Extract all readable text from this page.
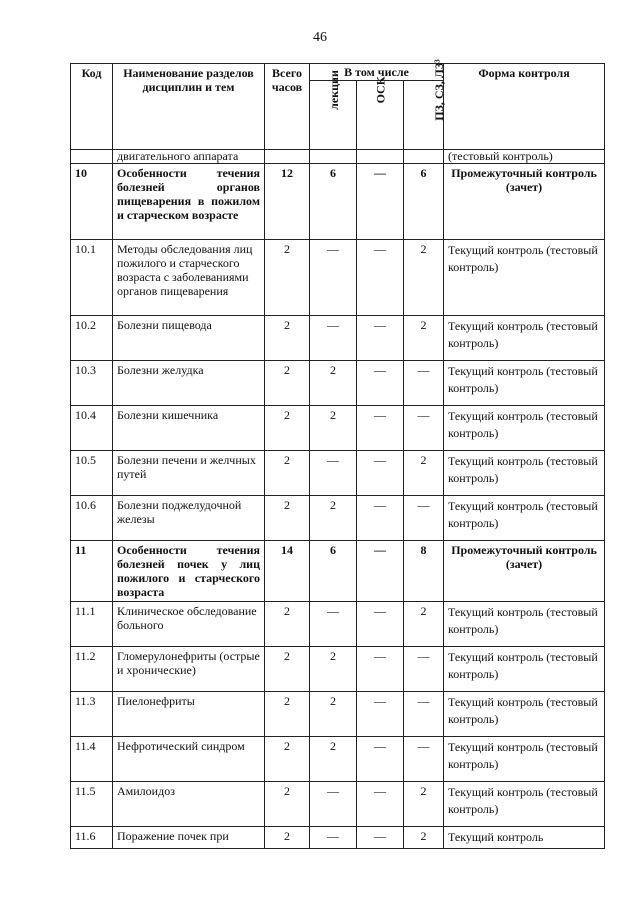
46
Код	Наименование разделов дисциплин и тем	Всего часов	В том числе			Форма контроля
			лекции	ОСК	ПЗ, СЗ, ЛЗ³	
	двигательного аппарата					(тестовый контроль)
10	Особенности течения болезней органов пищеварения в пожилом и старческом возрасте	12	6	—	6	Промежуточный контроль (зачет)
10.1	Методы обследования лиц пожилого и старческого возраста с заболеваниями органов пищеварения	2	—	—	2	Текущий контроль (тестовый контроль)
10.2	Болезни пищевода	2	—	—	2	Текущий контроль (тестовый контроль)
10.3	Болезни желудка	2	2	—	—	Текущий контроль (тестовый контроль)
10.4	Болезни кишечника	2	2	—	—	Текущий контроль (тестовый контроль)
10.5	Болезни печени и желчных путей	2	—	—	2	Текущий контроль (тестовый контроль)
10.6	Болезни поджелудочной железы	2	2	—	—	Текущий контроль (тестовый контроль)
11	Особенности течения болезней почек у лиц пожилого и старческого возраста	14	6	—	8	Промежуточный контроль (зачет)
11.1	Клиническое обследование больного	2	—	—	2	Текущий контроль (тестовый контроль)
11.2	Гломерулонефриты (острые и хронические)	2	2	—	—	Текущий контроль (тестовый контроль)
11.3	Пиелонефриты	2	2	—	—	Текущий контроль (тестовый контроль)
11.4	Нефротический синдром	2	2	—	—	Текущий контроль (тестовый контроль)
11.5	Амилоидоз	2	—	—	2	Текущий контроль (тестовый контроль)
11.6	Поражение почек при	2	—	—	2	Текущий контроль
